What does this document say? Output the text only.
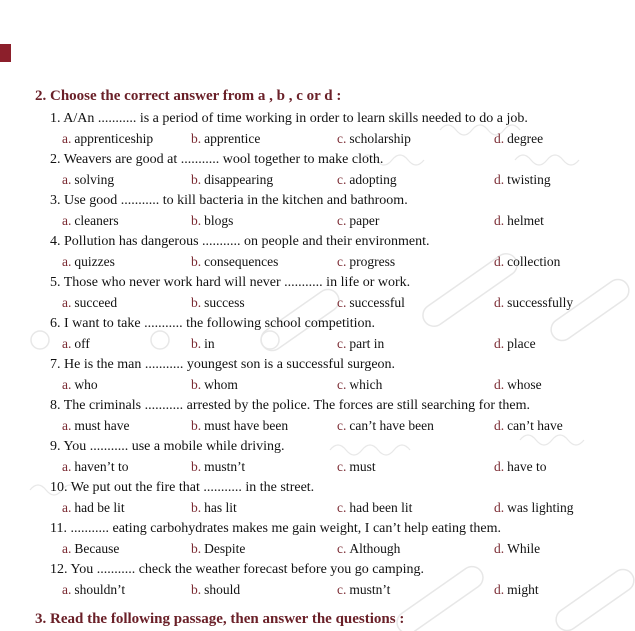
2. Choose the correct answer from a , b , c or d :
1. A/An ........... is a period of time working in order to learn skills needed to do a job.
a. apprenticeship	b. apprentice	c. scholarship	d. degree
2. Weavers are good at ........... wool together to make cloth.
a. solving	b. disappearing	c. adopting	d. twisting
3. Use good ........... to kill bacteria in the kitchen and bathroom.
a. cleaners	b. blogs	c. paper	d. helmet
4. Pollution has dangerous ........... on people and their environment.
a. quizzes	b. consequences	c. progress	d. collection
5. Those who never work hard will never ........... in life or work.
a. succeed	b. success	c. successful	d. successfully
6. I want to take ........... the following school competition.
a. off	b. in	c. part in	d. place
7. He is the man ........... youngest son is a successful surgeon.
a. who	b. whom	c. which	d. whose
8. The criminals ........... arrested by the police. The forces are still searching for them.
a. must have	b. must have been	c. can’t have been	d. can’t have
9. You ........... use a mobile while driving.
a. haven’t to	b. mustn’t	c. must	d. have to
10. We put out the fire that ........... in the street.
a. had be lit	b. has lit	c. had been lit	d. was lighting
11. ........... eating carbohydrates makes me gain weight, I can’t help eating them.
a. Because	b. Despite	c. Although	d. While
12. You ........... check the weather forecast before you go camping.
a. shouldn’t	b. should	c. mustn’t	d. might
3. Read the following passage, then answer the questions :
